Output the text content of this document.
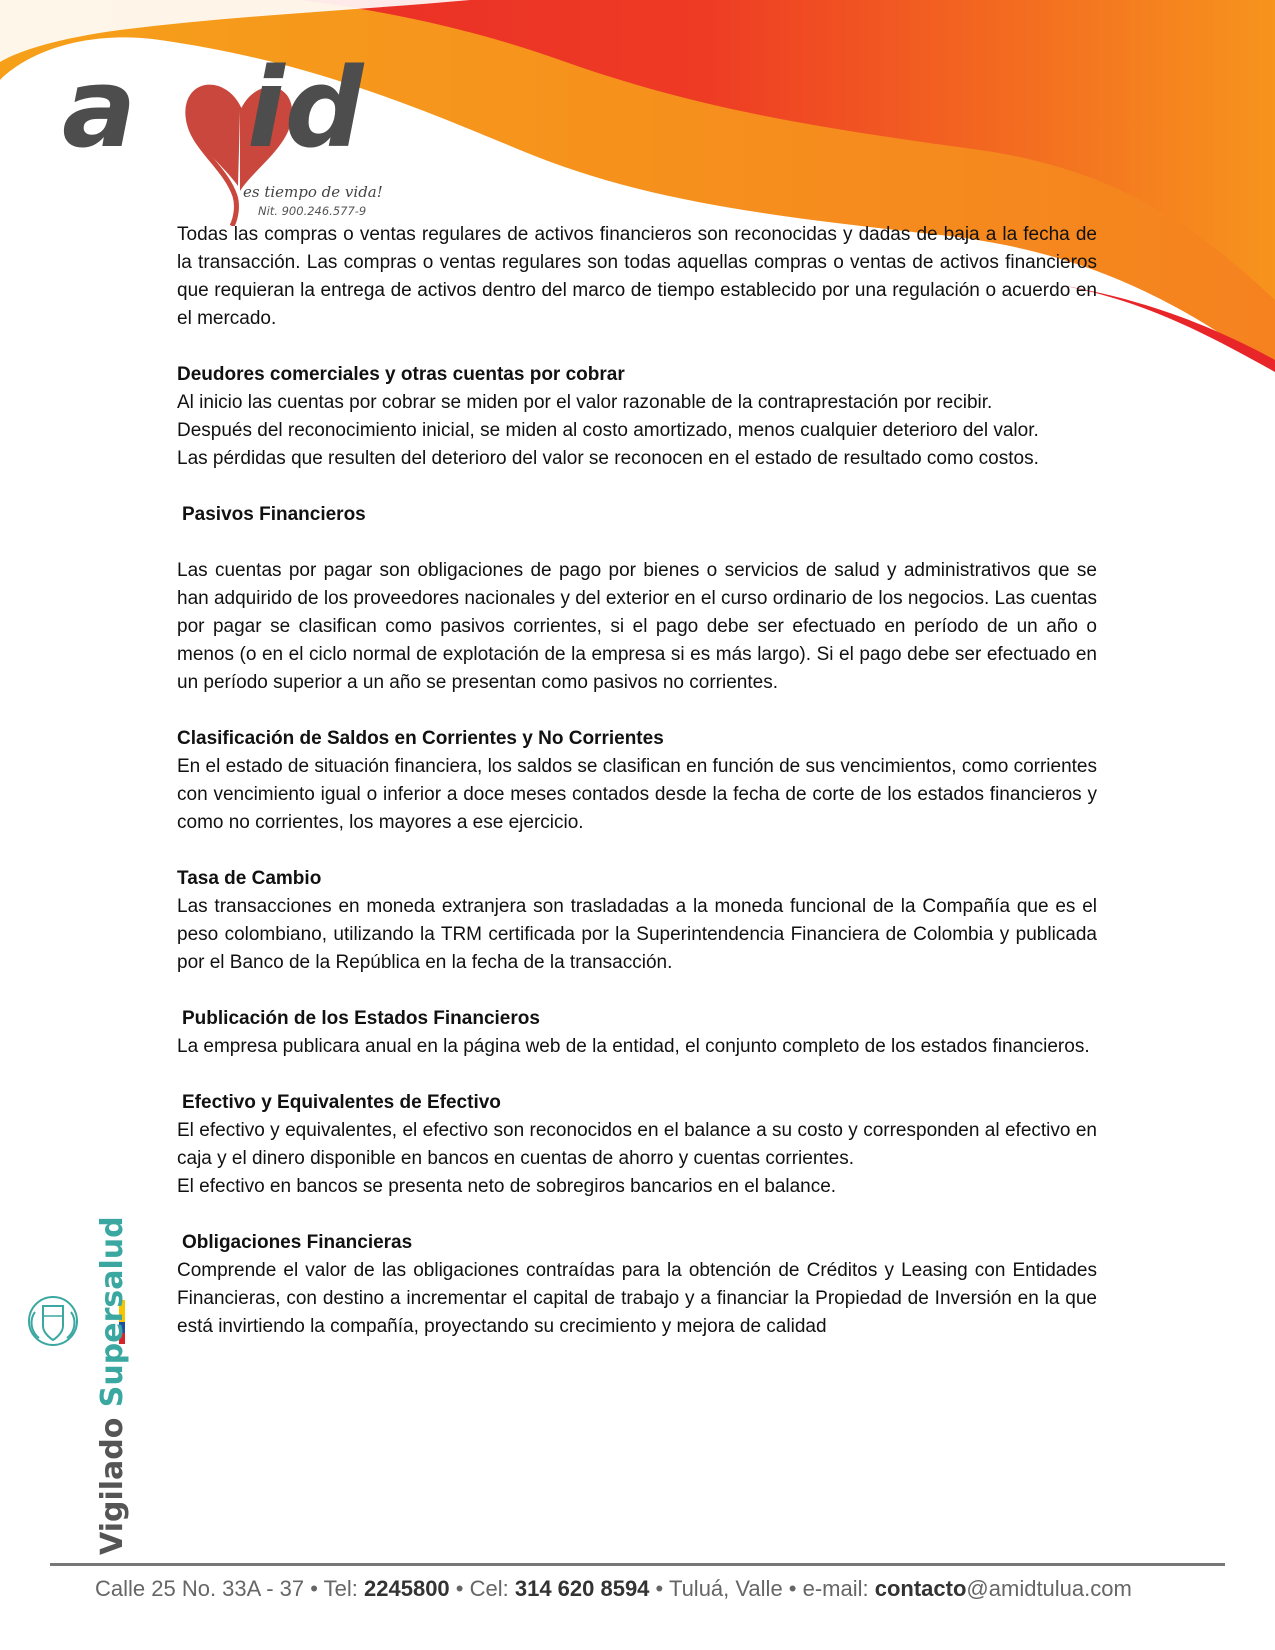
a id
es tiempo de vida!
Nit. 900.246.577-9

Todas las compras o ventas regulares de activos financieros son reconocidas y dadas de baja a la fecha de la transacción. Las compras o ventas regulares son todas aquellas compras o ventas de activos financieros que requieran la entrega de activos dentro del marco de tiempo establecido por una regulación o acuerdo en el mercado.

Deudores comerciales y otras cuentas por cobrar

Al inicio las cuentas por cobrar se miden por el valor razonable de la contraprestación por recibir.

Después del reconocimiento inicial, se miden al costo amortizado, menos cualquier deterioro del valor.

Las pérdidas que resulten del deterioro del valor se reconocen en el estado de resultado como costos.

Pasivos Financieros

Las cuentas por pagar son obligaciones de pago por bienes o servicios de salud y administrativos que se han adquirido de los proveedores nacionales y del exterior en el curso ordinario de los negocios. Las cuentas por pagar se clasifican como pasivos corrientes, si el pago debe ser efectuado en período de un año o menos (o en el ciclo normal de explotación de la empresa si es más largo). Si el pago debe ser efectuado en un período superior a un año se presentan como pasivos no corrientes.

Clasificación de Saldos en Corrientes y No Corrientes

En el estado de situación financiera, los saldos se clasifican en función de sus vencimientos, como corrientes con vencimiento igual o inferior a doce meses contados desde la fecha de corte de los estados financieros y como no corrientes, los mayores a ese ejercicio.

Tasa de Cambio

Las transacciones en moneda extranjera son trasladadas a la moneda funcional de la Compañía que es el peso colombiano, utilizando la TRM certificada por la Superintendencia Financiera de Colombia y publicada por el Banco de la República en la fecha de la transacción.

Publicación de los Estados Financieros

La empresa publicara anual en la página web de la entidad, el conjunto completo de los estados financieros.

Efectivo y Equivalentes de Efectivo

El efectivo y equivalentes, el efectivo son reconocidos en el balance a su costo y corresponden al efectivo en caja y el dinero disponible en bancos en cuentas de ahorro y cuentas corrientes.

El efectivo en bancos se presenta neto de sobregiros bancarios en el balance.

Obligaciones Financieras

Comprende el valor de las obligaciones contraídas para la obtención de Créditos y Leasing con Entidades Financieras, con destino a incrementar el capital de trabajo y a financiar la Propiedad de Inversión en la que está invirtiendo la compañía, proyectando su crecimiento y mejora de calidad

Vigilado Supersalud
Calle 25 No. 33A - 37 • Tel: 2245800 • Cel: 314 620 8594 • Tuluá, Valle • e-mail: contacto@amidtulua.com
